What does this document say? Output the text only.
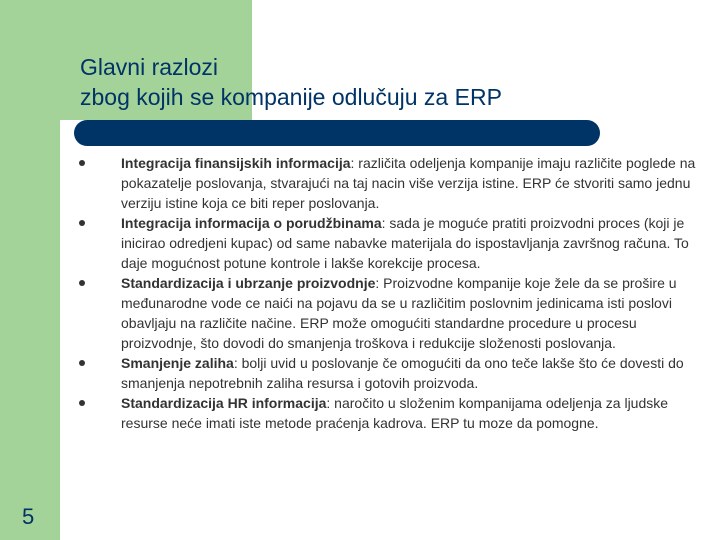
Glavni razlozi
zbog kojih se kompanije odlučuju za ERP

Integracija finansijskih informacija: različita odeljenja kompanije imaju različite poglede na pokazatelje poslovanja, stvarajući na taj nacin više verzija istine. ERP će stvoriti samo jednu verziju istine koja ce biti reper poslovanja.

Integracija informacija o porudžbinama: sada je moguće pratiti proizvodni proces (koji je inicirao odredjeni kupac) od same nabavke materijala do ispostavljanja završnog računa. To daje mogućnost potune kontrole i lakše korekcije procesa.

Standardizacija i ubrzanje proizvodnje: Proizvodne kompanije koje žele da se prošire u međunarodne vode ce naići na pojavu da se u različitim poslovnim jedinicama isti poslovi obavljaju na različite načine. ERP može omogućiti standardne procedure u procesu proizvodnje, što dovodi do smanjenja troškova i redukcije složenosti poslovanja.

Smanjenje zaliha: bolji uvid u poslovanje če omogućiti da ono teče lakše što će dovesti do smanjenja nepotrebnih zaliha resursa i gotovih proizvoda.

Standardizacija HR informacija: naročito u složenim kompanijama odeljenja za ljudske resurse neće imati iste metode praćenja kadrova. ERP tu moze da pomogne.

5
